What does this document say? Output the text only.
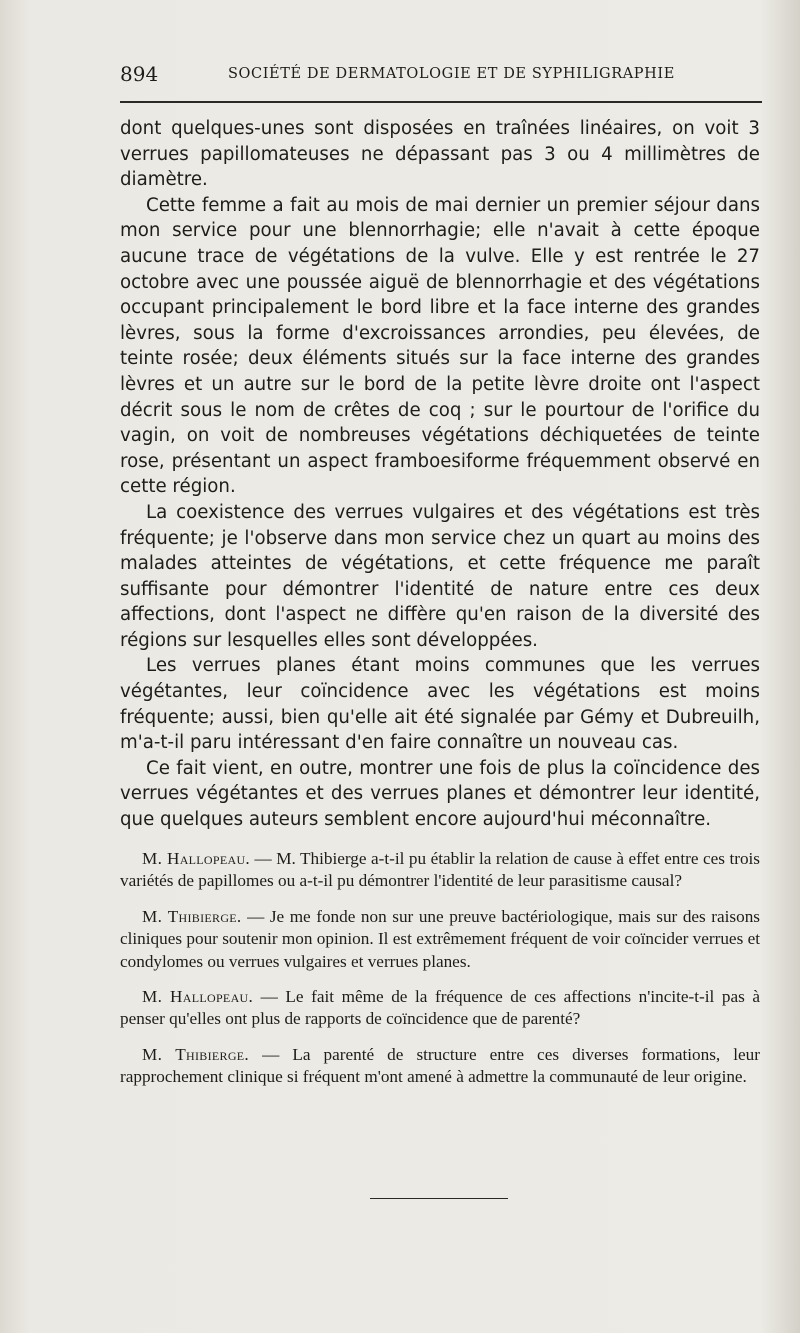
894	SOCIÉTÉ DE DERMATOLOGIE ET DE SYPHILIGRAPHIE

dont quelques-unes sont disposées en traînées linéaires, on voit 3 verrues papillomateuses ne dépassant pas 3 ou 4 millimètres de diamètre.

Cette femme a fait au mois de mai dernier un premier séjour dans mon service pour une blennorrhagie; elle n'avait à cette époque aucune trace de végétations de la vulve. Elle y est rentrée le 27 octobre avec une poussée aiguë de blennorrhagie et des végétations occupant principalement le bord libre et la face interne des grandes lèvres, sous la forme d'excroissances arrondies, peu élevées, de teinte rosée; deux éléments situés sur la face interne des grandes lèvres et un autre sur le bord de la petite lèvre droite ont l'aspect décrit sous le nom de crêtes de coq ; sur le pourtour de l'orifice du vagin, on voit de nombreuses végétations déchiquetées de teinte rose, présentant un aspect framboesiforme fréquemment observé en cette région.

La coexistence des verrues vulgaires et des végétations est très fréquente; je l'observe dans mon service chez un quart au moins des malades atteintes de végétations, et cette fréquence me paraît suffisante pour démontrer l'identité de nature entre ces deux affections, dont l'aspect ne diffère qu'en raison de la diversité des régions sur lesquelles elles sont développées.

Les verrues planes étant moins communes que les verrues végétantes, leur coïncidence avec les végétations est moins fréquente; aussi, bien qu'elle ait été signalée par Gémy et Dubreuilh, m'a-t-il paru intéressant d'en faire connaître un nouveau cas.

Ce fait vient, en outre, montrer une fois de plus la coïncidence des verrues végétantes et des verrues planes et démontrer leur identité, que quelques auteurs semblent encore aujourd'hui méconnaître.

M. Hallopeau. — M. Thibierge a-t-il pu établir la relation de cause à effet entre ces trois variétés de papillomes ou a-t-il pu démontrer l'identité de leur parasitisme causal?

M. Thibierge. — Je me fonde non sur une preuve bactériologique, mais sur des raisons cliniques pour soutenir mon opinion. Il est extrêmement fréquent de voir coïncider verrues et condylomes ou verrues vulgaires et verrues planes.

M. Hallopeau. — Le fait même de la fréquence de ces affections n'incite-t-il pas à penser qu'elles ont plus de rapports de coïncidence que de parenté?

M. Thibierge. — La parenté de structure entre ces diverses formations, leur rapprochement clinique si fréquent m'ont amené à admettre la communauté de leur origine.
